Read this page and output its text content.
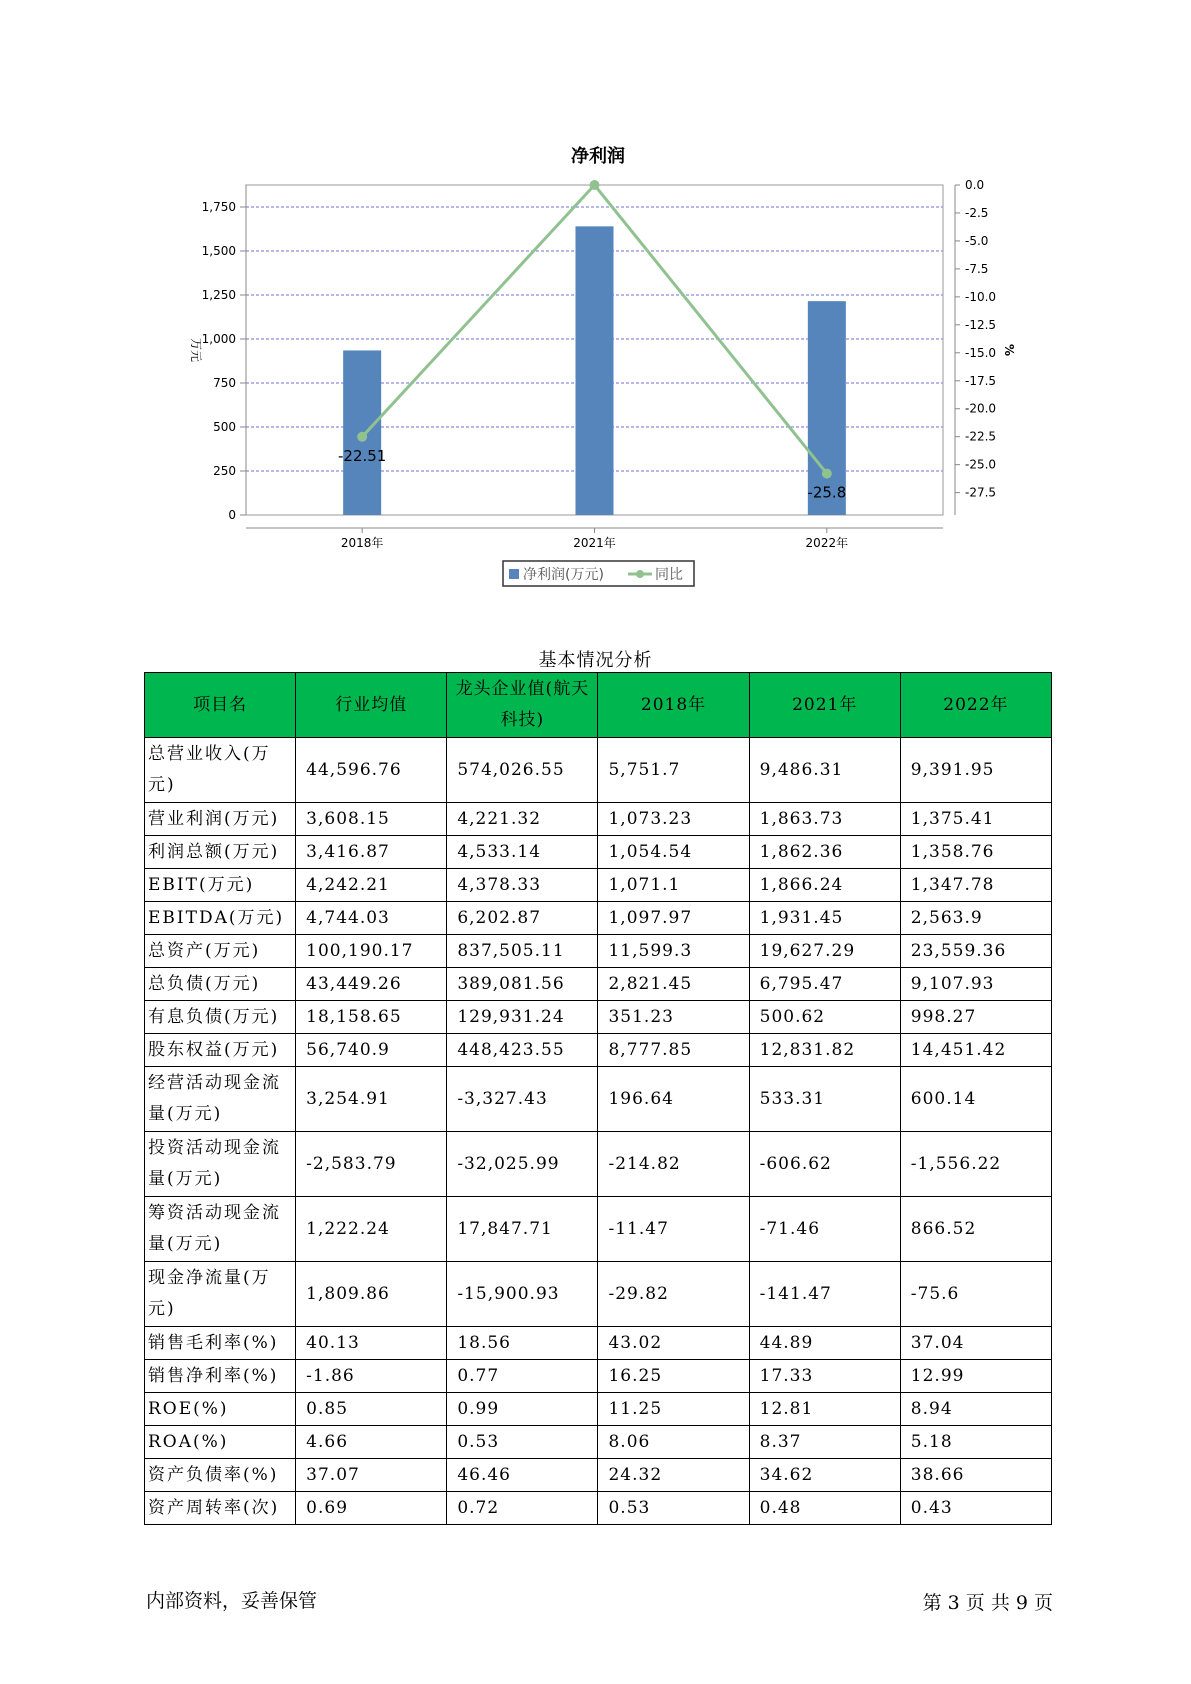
净利润
0
250
500
750
1,000
1,250
1,500
1,750
0.0
-2.5
-5.0
-7.5
-10.0
-12.5
-15.0
-17.5
-20.0
-22.5
-25.0
-27.5
2018年	2021年	2022年
-22.51
-25.8
万元	%
净利润(万元)	同比
基本情况分析
项目名	行业均值	龙头企业值(航天科技)	2018年	2021年	2022年
总营业收入(万元)	44,596.76	574,026.55	5,751.7	9,486.31	9,391.95
营业利润(万元)	3,608.15	4,221.32	1,073.23	1,863.73	1,375.41
利润总额(万元)	3,416.87	4,533.14	1,054.54	1,862.36	1,358.76
EBIT(万元)	4,242.21	4,378.33	1,071.1	1,866.24	1,347.78
EBITDA(万元)	4,744.03	6,202.87	1,097.97	1,931.45	2,563.9
总资产(万元)	100,190.17	837,505.11	11,599.3	19,627.29	23,559.36
总负债(万元)	43,449.26	389,081.56	2,821.45	6,795.47	9,107.93
有息负债(万元)	18,158.65	129,931.24	351.23	500.62	998.27
股东权益(万元)	56,740.9	448,423.55	8,777.85	12,831.82	14,451.42
经营活动现金流量(万元)	3,254.91	-3,327.43	196.64	533.31	600.14
投资活动现金流量(万元)	-2,583.79	-32,025.99	-214.82	-606.62	-1,556.22
筹资活动现金流量(万元)	1,222.24	17,847.71	-11.47	-71.46	866.52
现金净流量(万元)	1,809.86	-15,900.93	-29.82	-141.47	-75.6
销售毛利率(%)	40.13	18.56	43.02	44.89	37.04
销售净利率(%)	-1.86	0.77	16.25	17.33	12.99
ROE(%)	0.85	0.99	11.25	12.81	8.94
ROA(%)	4.66	0.53	8.06	8.37	5.18
资产负债率(%)	37.07	46.46	24.32	34.62	38.66
资产周转率(次)	0.69	0.72	0.53	0.48	0.43
内部资料，妥善保管	第 3 页 共 9 页
